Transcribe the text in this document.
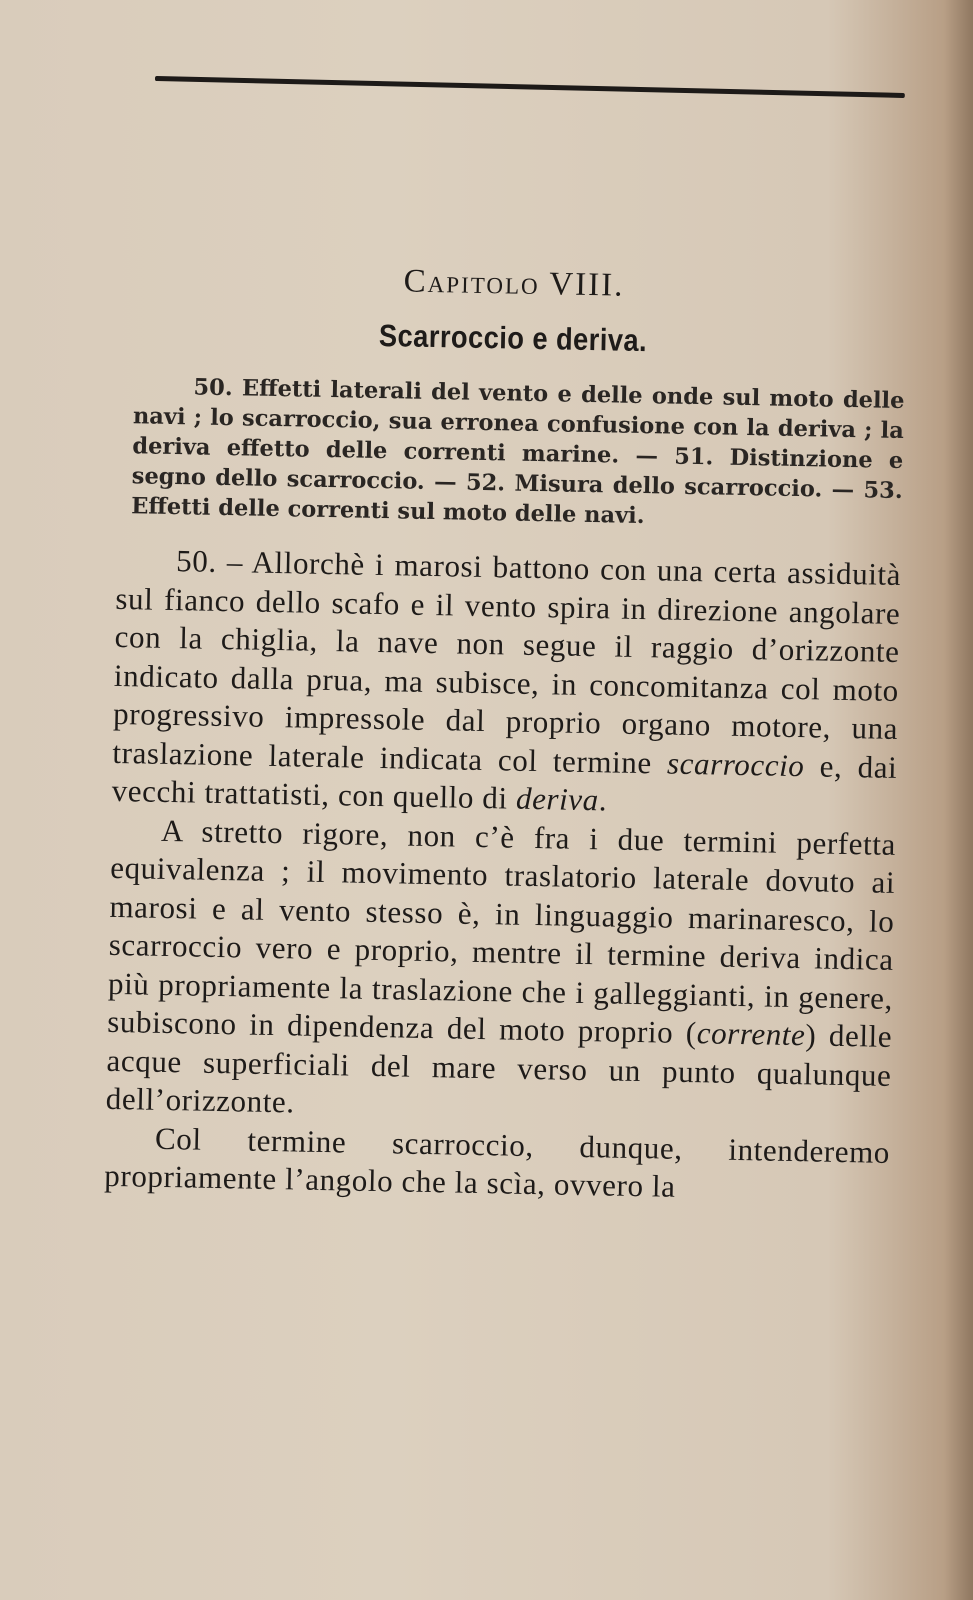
Capitolo VIII.
Scarroccio e deriva.

50. Effetti laterali del vento e delle onde sul moto delle navi ; lo scarroccio, sua erronea confusione con la deriva ; la deriva effetto delle correnti marine. — 51. Distinzione e segno dello scarroccio. — 52. Misura dello scarroccio. — 53. Effetti delle correnti sul moto delle navi.

50. – Allorchè i marosi battono con una certa assiduità sul fianco dello scafo e il vento spira in direzione angolare con la chiglia, la nave non segue il raggio d’orizzonte indicato dalla prua, ma subisce, in concomitanza col moto progressivo impressole dal proprio organo motore, una traslazione laterale indicata col termine scarroccio e, dai vecchi trattatisti, con quello di deriva.

A stretto rigore, non c’è fra i due termini perfetta equivalenza ; il movimento traslatorio laterale dovuto ai marosi e al vento stesso è, in linguaggio marinaresco, lo scarroccio vero e proprio, mentre il termine deriva indica più propriamente la traslazione che i galleggianti, in genere, subiscono in dipendenza del moto proprio (corrente) delle acque superficiali del mare verso un punto qualunque dell’orizzonte.

Col termine scarroccio, dunque, intenderemo propriamente l’angolo che la scìa, ovvero la
